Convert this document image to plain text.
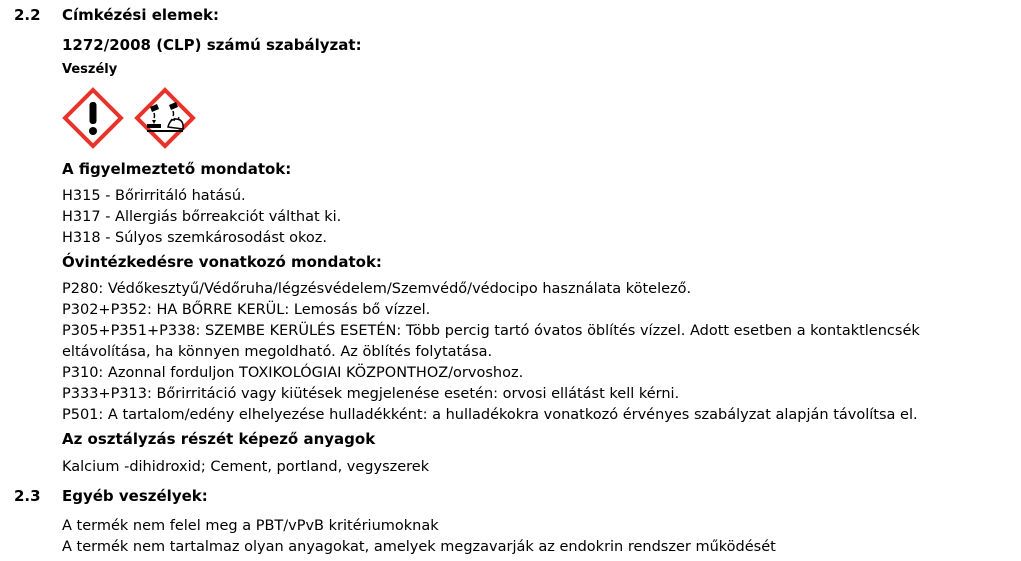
2.2 Címkézési elemek:
1272/2008 (CLP) számú szabályzat:
Veszély
A figyelmeztető mondatok:
H315 - Bőrirritáló hatású.
H317 - Allergiás bőrreakciót válthat ki.
H318 - Súlyos szemkárosodást okoz.
Óvintézkedésre vonatkozó mondatok:
P280: Védőkesztyű/Védőruha/légzésvédelem/Szemvédő/védocipo használata kötelező.
P302+P352: HA BŐRRE KERÜL: Lemosás bő vízzel.
P305+P351+P338: SZEMBE KERÜLÉS ESETÉN: Több percig tartó óvatos öblítés vízzel. Adott esetben a kontaktlencsék
eltávolítása, ha könnyen megoldható. Az öblítés folytatása.
P310: Azonnal forduljon TOXIKOLÓGIAI KÖZPONTHOZ/orvoshoz.
P333+P313: Bőrirritáció vagy kiütések megjelenése esetén: orvosi ellátást kell kérni.
P501: A tartalom/edény elhelyezése hulladékként: a hulladékokra vonatkozó érvényes szabályzat alapján távolítsa el.
Az osztályzás részét képező anyagok
Kalcium -dihidroxid; Cement, portland, vegyszerek
2.3 Egyéb veszélyek:
A termék nem felel meg a PBT/vPvB kritériumoknak
A termék nem tartalmaz olyan anyagokat, amelyek megzavarják az endokrin rendszer működését
